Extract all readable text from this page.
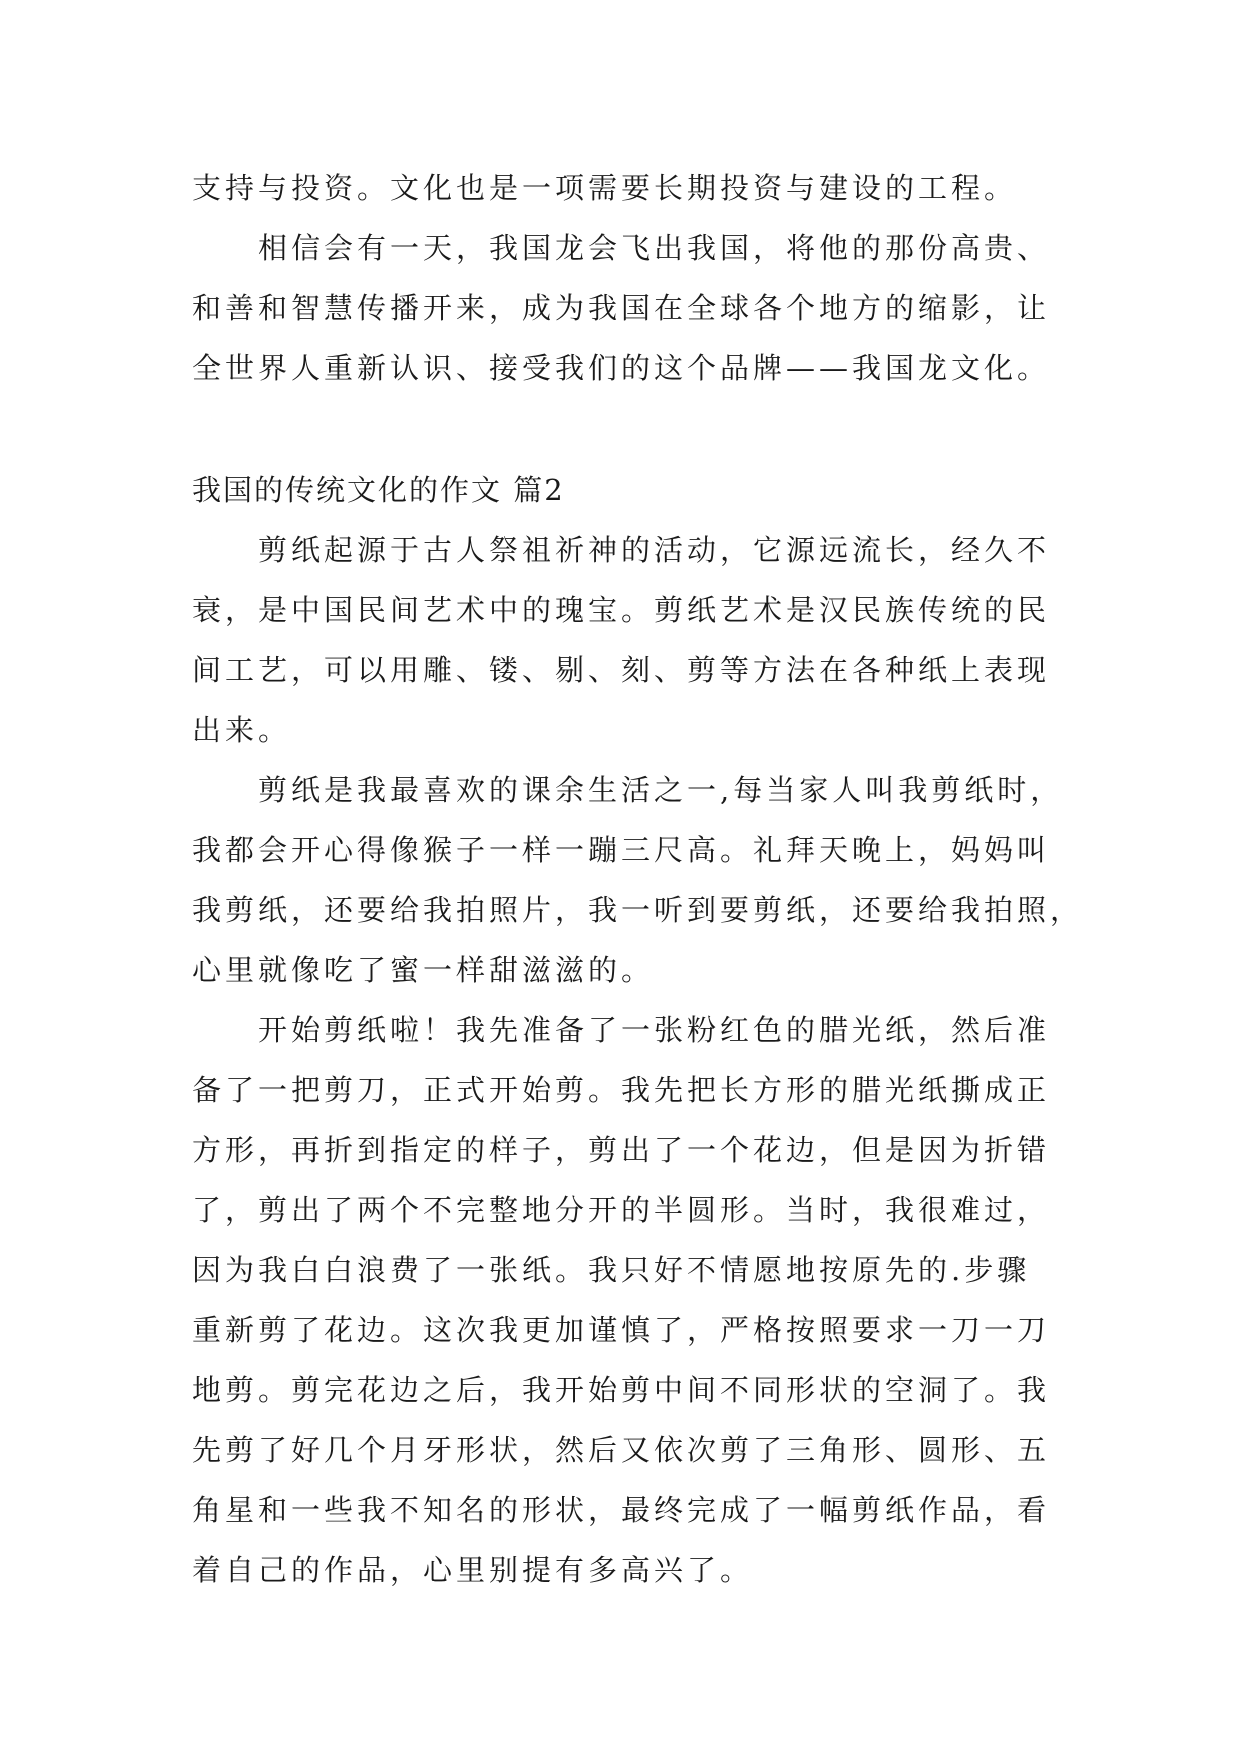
支持与投资。文化也是一项需要长期投资与建设的工程。
相信会有一天，我国龙会飞出我国，将他的那份高贵、
和善和智慧传播开来，成为我国在全球各个地方的缩影，让
全世界人重新认识、接受我们的这个品牌——我国龙文化。
我国的传统文化的作文 篇2
剪纸起源于古人祭祖祈神的活动，它源远流长，经久不
衰，是中国民间艺术中的瑰宝。剪纸艺术是汉民族传统的民
间工艺，可以用雕、镂、剔、刻、剪等方法在各种纸上表现
出来。
剪纸是我最喜欢的课余生活之一,每当家人叫我剪纸时，
我都会开心得像猴子一样一蹦三尺高。礼拜天晚上，妈妈叫
我剪纸，还要给我拍照片，我一听到要剪纸，还要给我拍照，
心里就像吃了蜜一样甜滋滋的。
开始剪纸啦！我先准备了一张粉红色的腊光纸，然后准
备了一把剪刀，正式开始剪。我先把长方形的腊光纸撕成正
方形，再折到指定的样子，剪出了一个花边，但是因为折错
了，剪出了两个不完整地分开的半圆形。当时，我很难过，
因为我白白浪费了一张纸。我只好不情愿地按原先的.步骤
重新剪了花边。这次我更加谨慎了，严格按照要求一刀一刀
地剪。剪完花边之后，我开始剪中间不同形状的空洞了。我
先剪了好几个月牙形状，然后又依次剪了三角形、圆形、五
角星和一些我不知名的形状，最终完成了一幅剪纸作品，看
着自己的作品，心里别提有多高兴了。
